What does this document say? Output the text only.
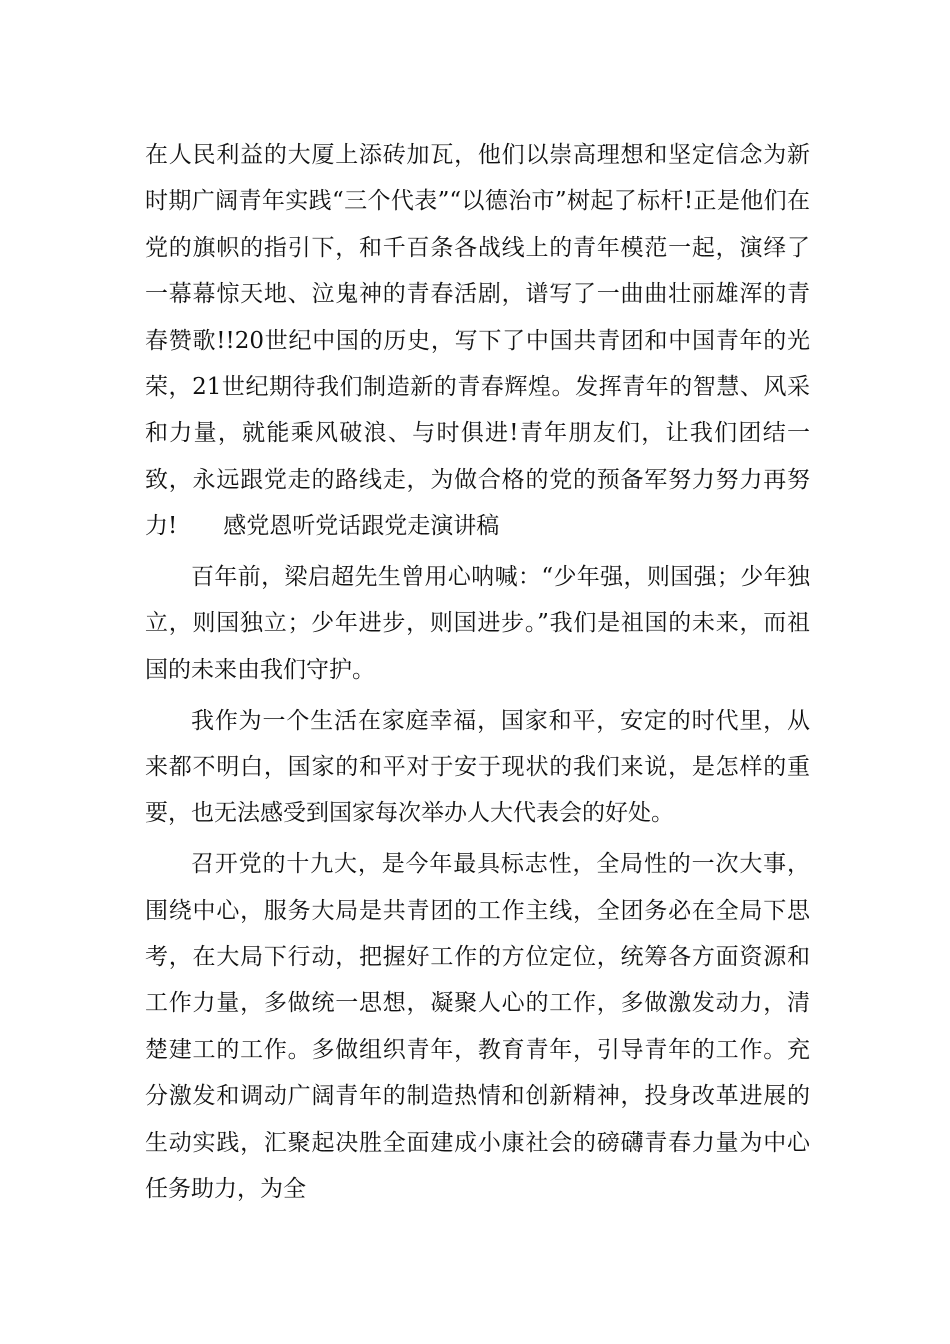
在人民利益的大厦上添砖加瓦，他们以崇高理想和坚定信念为新时期广阔青年实践“三个代表”“以德治市”树起了标杆!正是他们在党的旗帜的指引下，和千百条各战线上的青年模范一起，演绎了一幕幕惊天地、泣鬼神的青春活剧，谱写了一曲曲壮丽雄浑的青春赞歌!!20世纪中国的历史，写下了中国共青团和中国青年的光荣，21世纪期待我们制造新的青春辉煌。发挥青年的智慧、风采和力量，就能乘风破浪、与时俱进!青年朋友们，让我们团结一致，永远跟党走的路线走，为做合格的党的预备军努力努力再努力!　　感党恩听党话跟党走演讲稿

百年前，梁启超先生曾用心呐喊：“少年强，则国强；少年独立，则国独立；少年进步，则国进步。”我们是祖国的未来，而祖国的未来由我们守护。

我作为一个生活在家庭幸福，国家和平，安定的时代里，从来都不明白，国家的和平对于安于现状的我们来说，是怎样的重要，也无法感受到国家每次举办人大代表会的好处。

召开党的十九大，是今年最具标志性，全局性的一次大事，围绕中心，服务大局是共青团的工作主线，全团务必在全局下思考，在大局下行动，把握好工作的方位定位，统筹各方面资源和工作力量，多做统一思想，凝聚人心的工作，多做激发动力，清楚建工的工作。多做组织青年，教育青年，引导青年的工作。充分激发和调动广阔青年的制造热情和创新精神，投身改革进展的生动实践，汇聚起决胜全面建成小康社会的磅礴青春力量为中心任务助力，为全
